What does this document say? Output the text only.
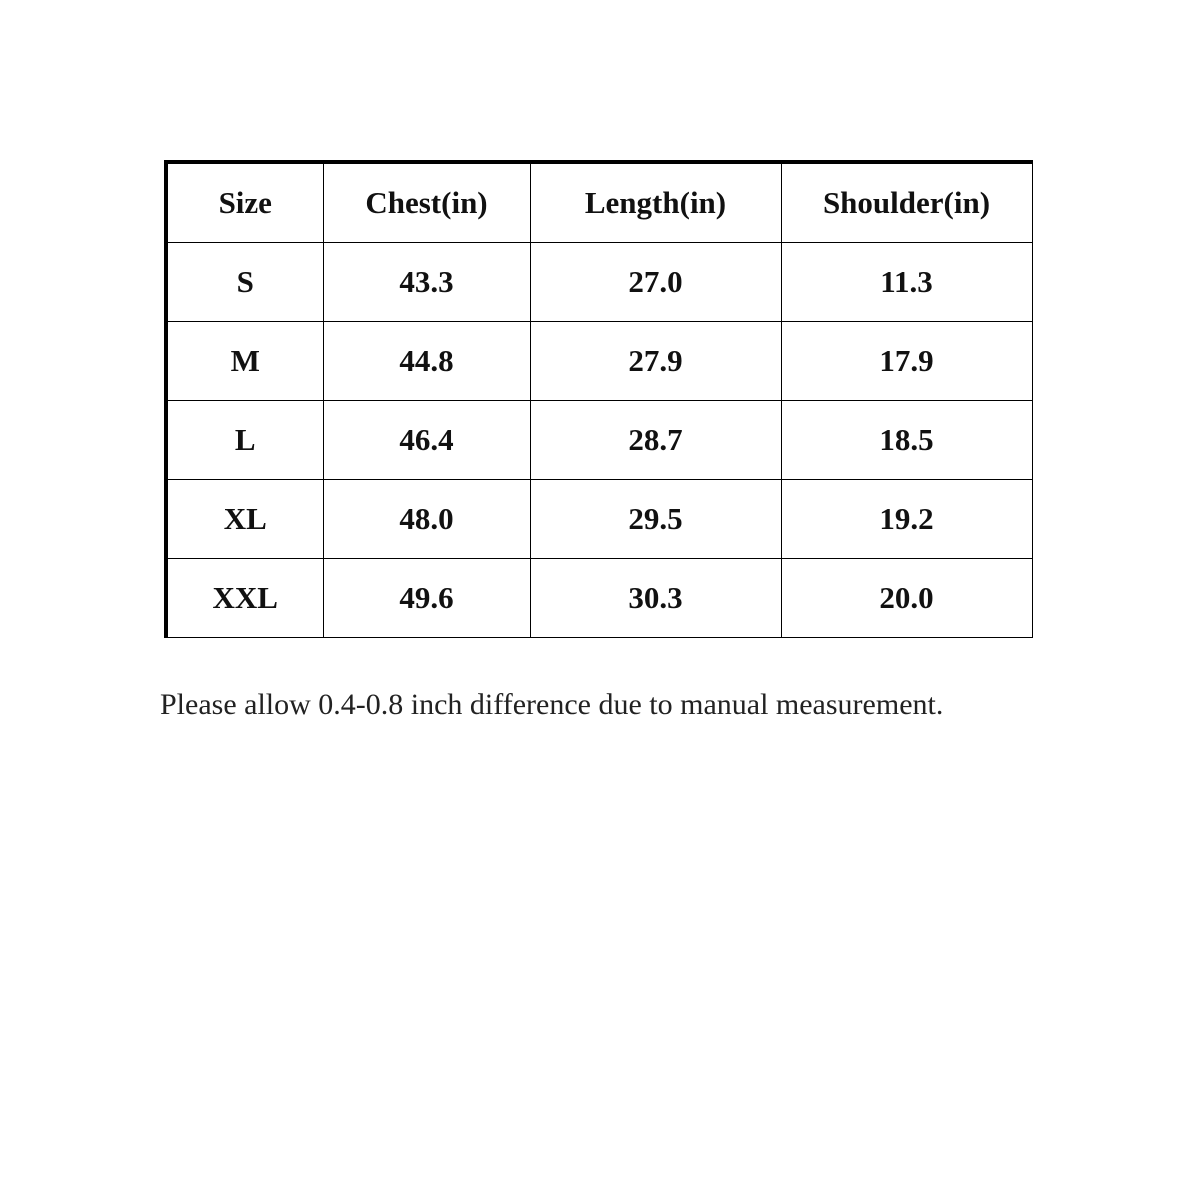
Size	Chest(in)	Length(in)	Shoulder(in)
S	43.3	27.0	11.3
M	44.8	27.9	17.9
L	46.4	28.7	18.5
XL	48.0	29.5	19.2
XXL	49.6	30.3	20.0
Please allow 0.4-0.8 inch difference due to manual measurement.
